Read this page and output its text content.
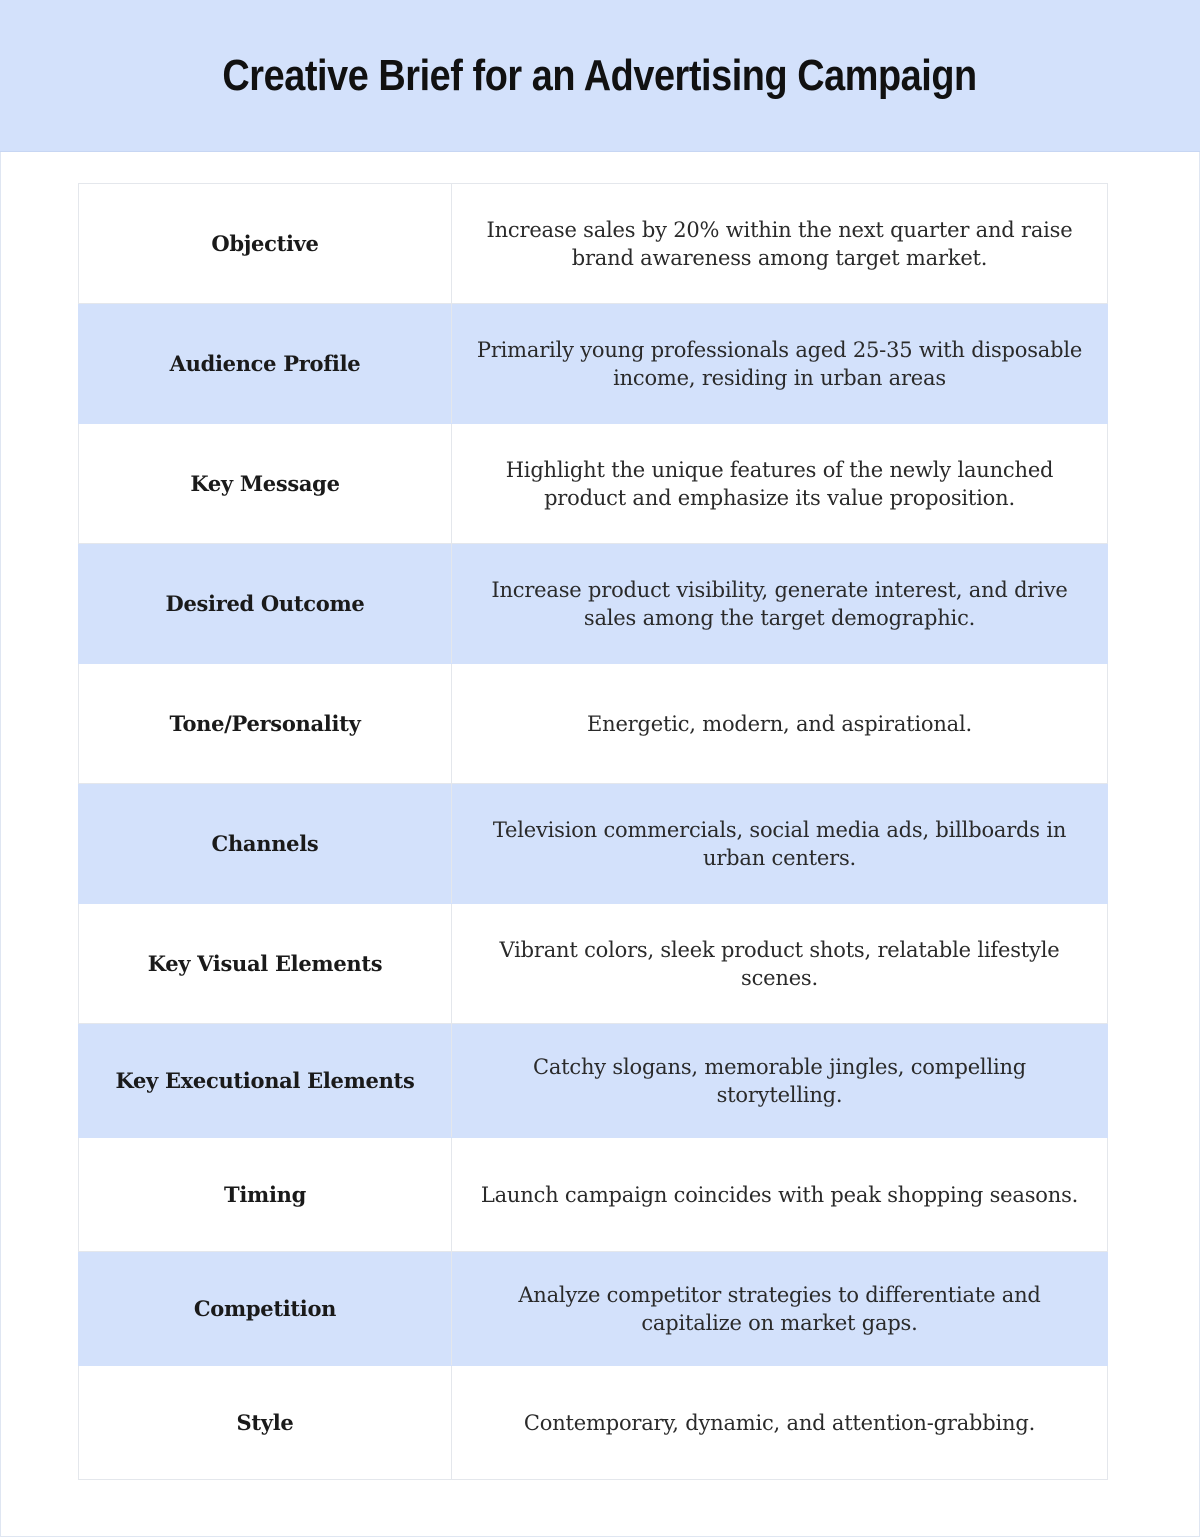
Creative Brief for an Advertising Campaign
Objective	Increase sales by 20% within the next quarter and raise brand awareness among target market.
Audience Profile	Primarily young professionals aged 25-35 with disposable income, residing in urban areas
Key Message	Highlight the unique features of the newly launched product and emphasize its value proposition.
Desired Outcome	Increase product visibility, generate interest, and drive sales among the target demographic.
Tone/Personality	Energetic, modern, and aspirational.
Channels	Television commercials, social media ads, billboards in urban centers.
Key Visual Elements	Vibrant colors, sleek product shots, relatable lifestyle scenes.
Key Executional Elements	Catchy slogans, memorable jingles, compelling storytelling.
Timing	Launch campaign coincides with peak shopping seasons.
Competition	Analyze competitor strategies to differentiate and capitalize on market gaps.
Style	Contemporary, dynamic, and attention-grabbing.
